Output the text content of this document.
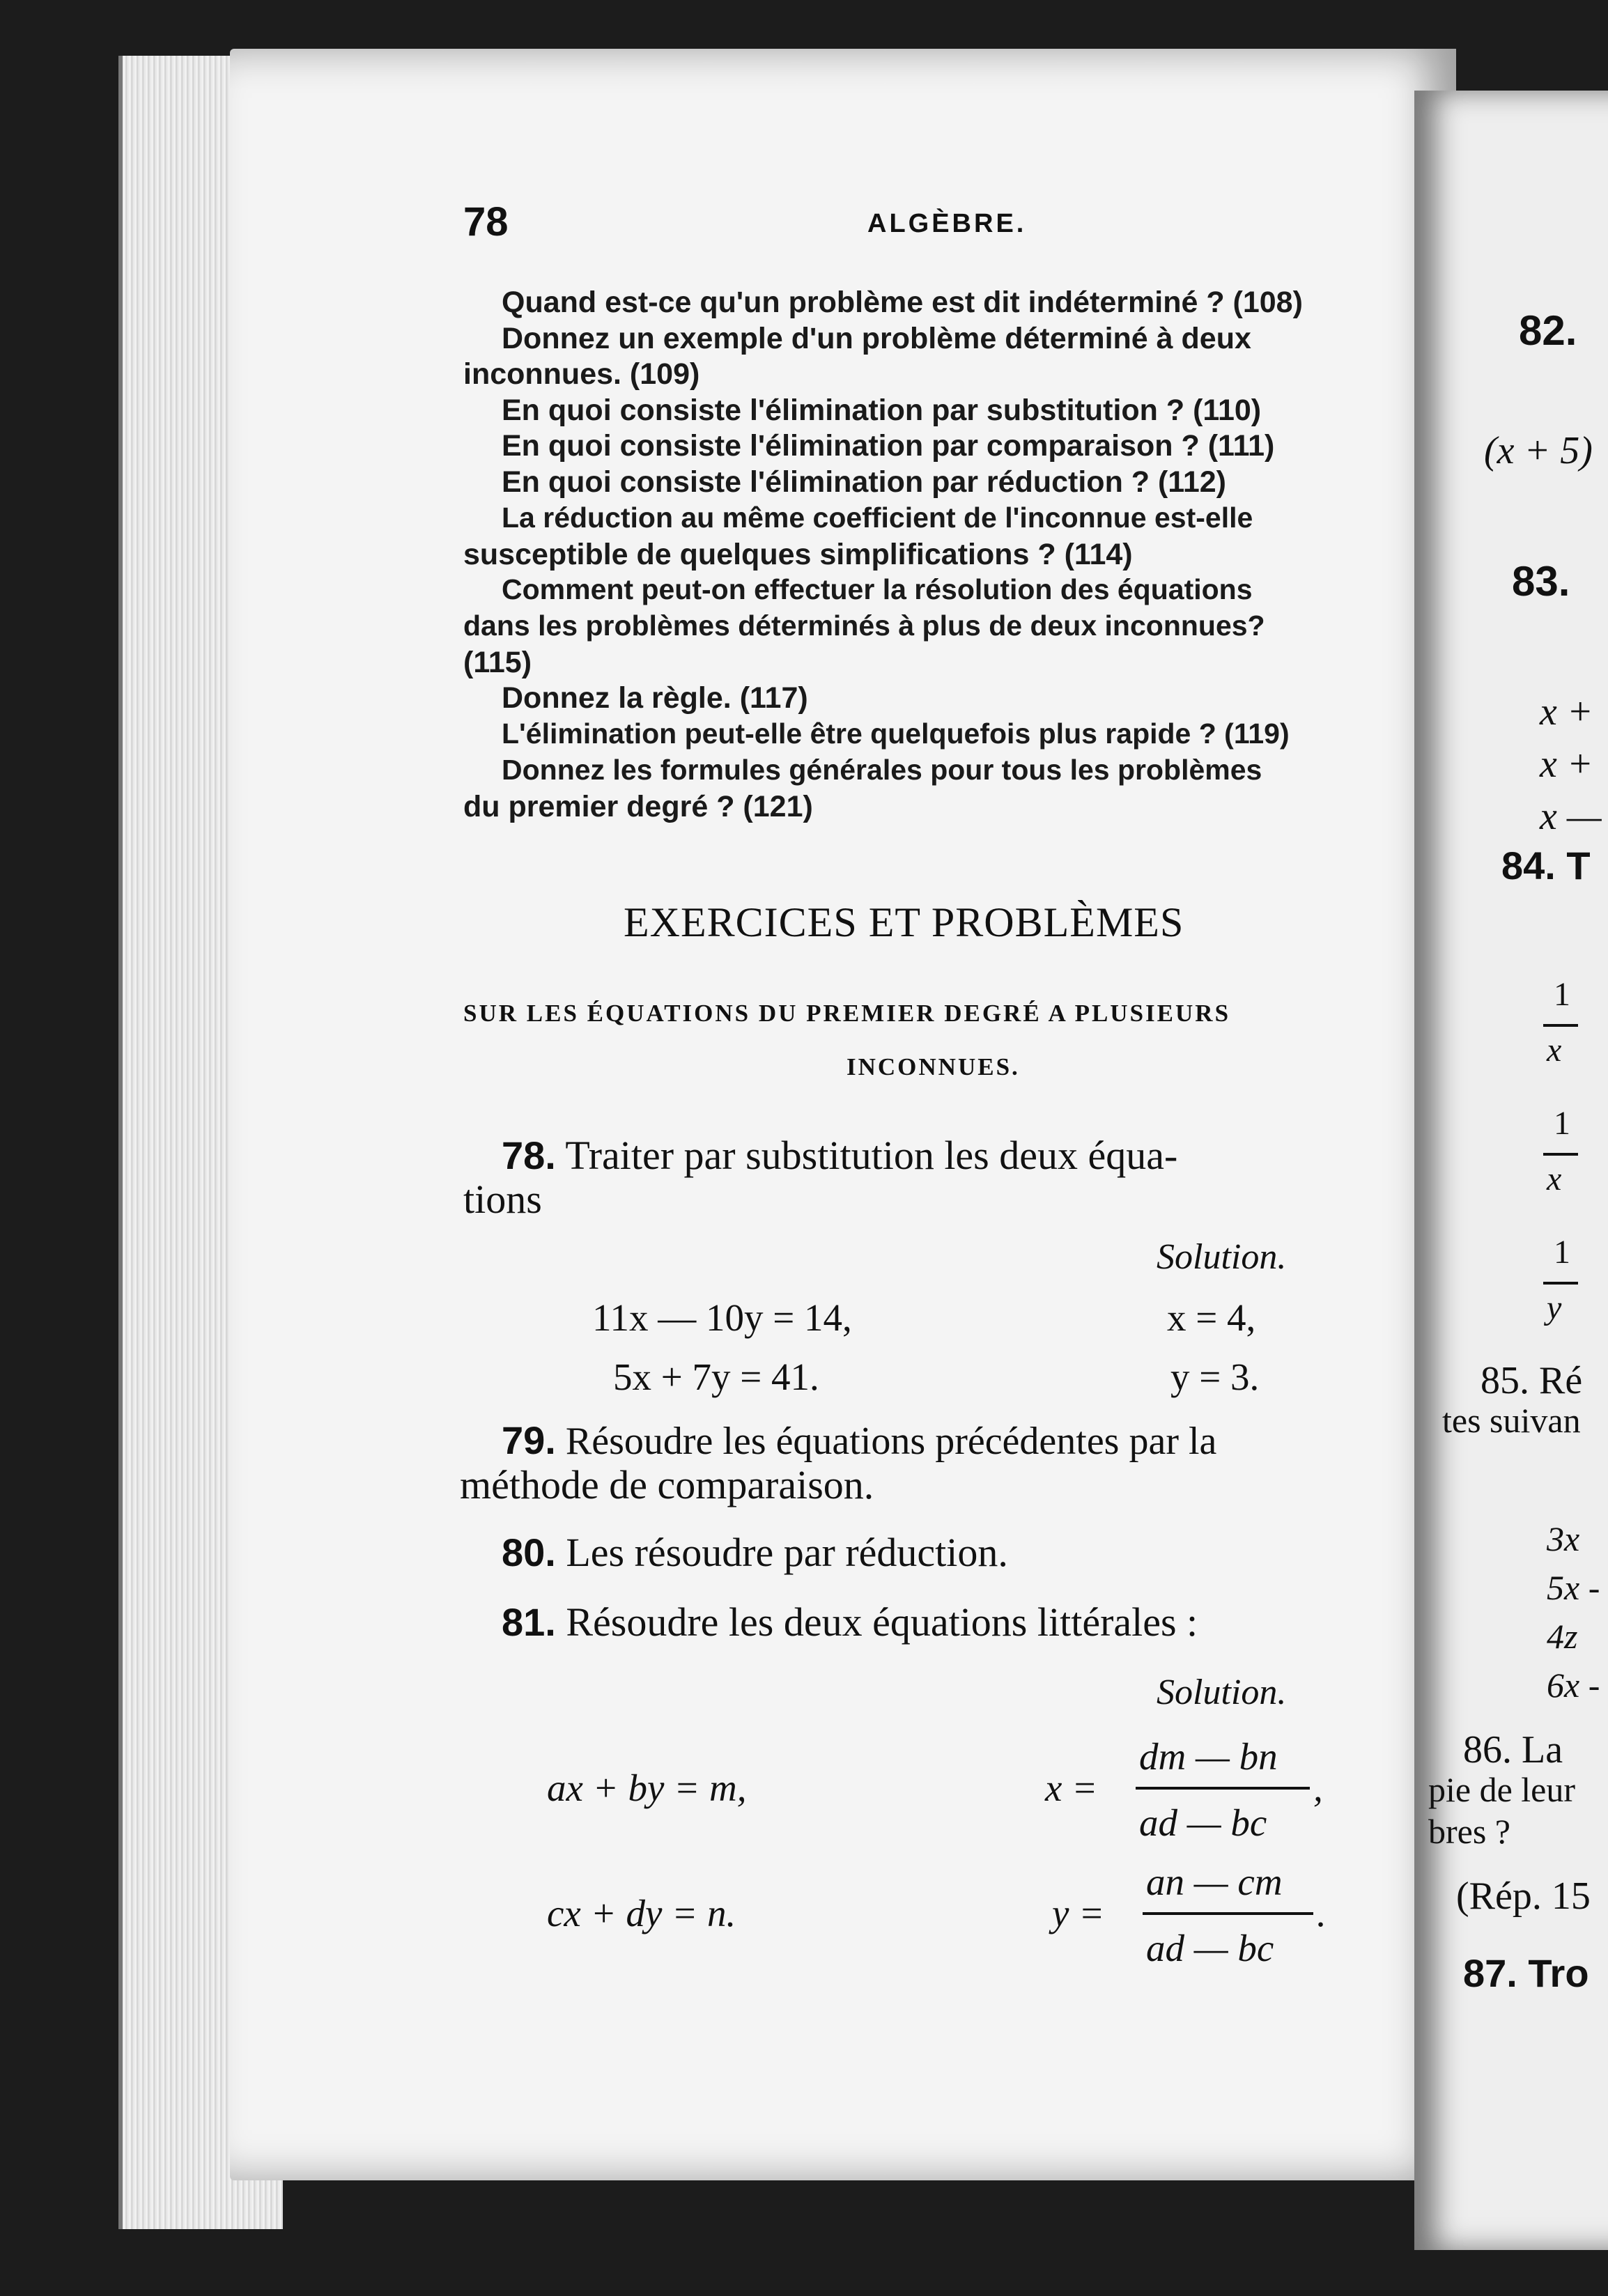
82.
(x + 5)
83.
x +
x +
x —
84. T
1
x
1
x
1
y
85. Ré
tes suivan
3x
5x -
4z
6x -
86. La
pie de leur
bres ?
(Rép. 15
87. Tro
78	ALGÈBRE.
Quand est-ce qu'un problème est dit indéterminé ? (108)
Donnez un exemple d'un problème déterminé à deux
inconnues. (109)
En quoi consiste l'élimination par substitution ? (110)
En quoi consiste l'élimination par comparaison ? (111)
En quoi consiste l'élimination par réduction ? (112)
La réduction au même coefficient de l'inconnue est-elle
susceptible de quelques simplifications ? (114)
Comment peut-on effectuer la résolution des équations
dans les problèmes déterminés à plus de deux inconnues?
(115)
Donnez la règle. (117)
L'élimination peut-elle être quelquefois plus rapide ? (119)
Donnez les formules générales pour tous les problèmes
du premier degré ? (121)
EXERCICES ET PROBLÈMES
SUR LES ÉQUATIONS DU PREMIER DEGRÉ A PLUSIEURS
INCONNUES.
78. Traiter par substitution les deux équa-
tions
Solution.
11x — 10y = 14,
5x + 7y = 41.
x = 4,
y = 3.
79. Résoudre les équations précédentes par la
méthode de comparaison.
80. Les résoudre par réduction.
81. Résoudre les deux équations littérales :
Solution.
ax + by = m,
cx + dy = n.
x =
dm — bn
ad — bc
,
y =
an — cm
ad — bc
.
